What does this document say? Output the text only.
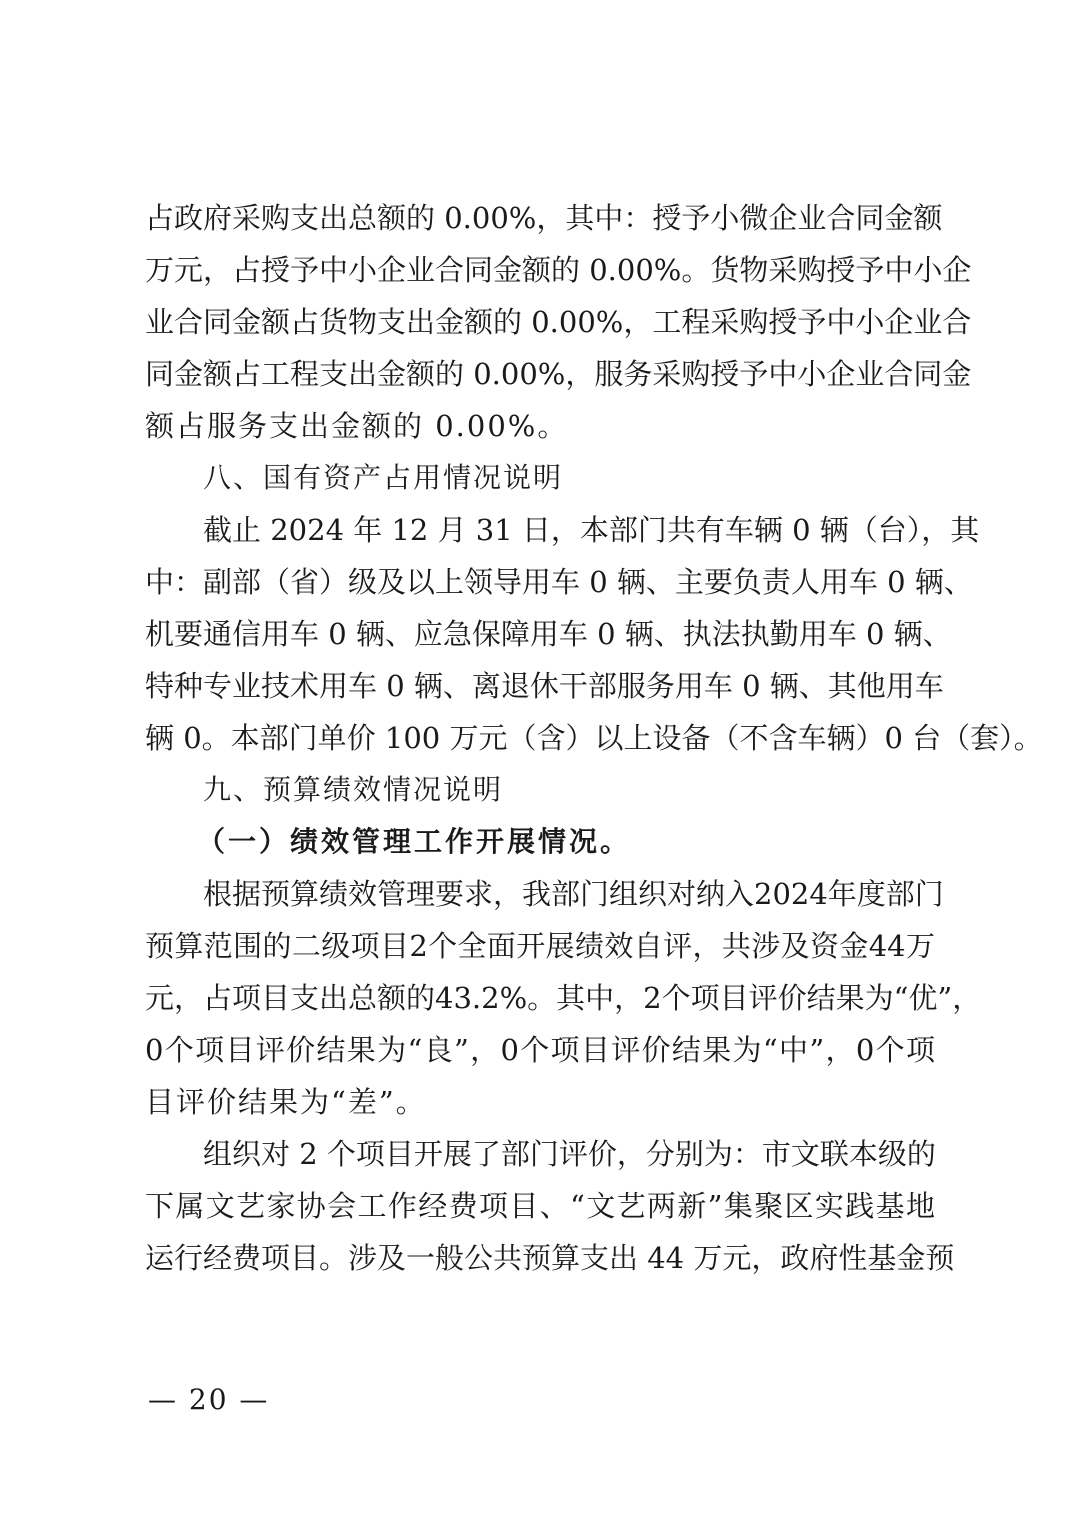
占政府采购支出总额的 0.00%，其中：授予小微企业合同金额
万元，占授予中小企业合同金额的 0.00%。货物采购授予中小企
业合同金额占货物支出金额的 0.00%，工程采购授予中小企业合
同金额占工程支出金额的 0.00%，服务采购授予中小企业合同金
额占服务支出金额的 0.00%。
八、国有资产占用情况说明
截止 2024 年 12 月 31 日，本部门共有车辆 0 辆（台），其
中：副部（省）级及以上领导用车 0 辆、主要负责人用车 0 辆、
机要通信用车 0 辆、应急保障用车 0 辆、执法执勤用车 0 辆、
特种专业技术用车 0 辆、离退休干部服务用车 0 辆、其他用车
辆 0。本部门单价 100 万元（含）以上设备（不含车辆）0 台（套）。
九、预算绩效情况说明
（一）绩效管理工作开展情况。
根据预算绩效管理要求，我部门组织对纳入2024年度部门
预算范围的二级项目2个全面开展绩效自评，共涉及资金44万
元，占项目支出总额的43.2%。其中，2个项目评价结果为“优”，
0个项目评价结果为“良”，0个项目评价结果为“中”，0个项
目评价结果为“差”。
组织对 2 个项目开展了部门评价，分别为：市文联本级的
下属文艺家协会工作经费项目、“文艺两新”集聚区实践基地
运行经费项目。涉及一般公共预算支出 44 万元，政府性基金预
— 20 —
